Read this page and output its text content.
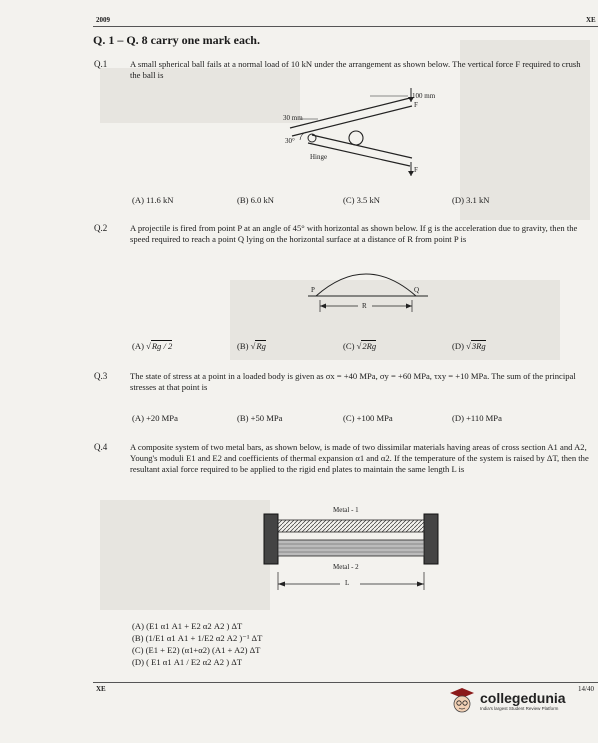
2009	XE
Q. 1 – Q. 8 carry one mark each.
Q.1	A small spherical ball fails at a normal load of 10 kN under the arrangement as shown below. The vertical force F required to crush the ball is
100 mm
F
30 mm
30°
Hinge
F
(A) 11.6 kN	(B) 6.0 kN	(C) 3.5 kN	(D) 3.1 kN
Q.2	A projectile is fired from point P at an angle of 45° with horizontal as shown below. If g is the acceleration due to gravity, then the speed required to reach a point Q lying on the horizontal surface at a distance of R from point P is
P	Q
R
(A) √Rg / 2	(B) √Rg	(C) √2Rg	(D) √3Rg
Q.3	The state of stress at a point in a loaded body is given as σx = +40 MPa, σy = +60 MPa, τxy = +10 MPa. The sum of the principal stresses at that point is
(A) +20 MPa	(B) +50 MPa	(C) +100 MPa	(D) +110 MPa
Q.4	A composite system of two metal bars, as shown below, is made of two dissimilar materials having areas of cross section A1 and A2, Young's moduli E1 and E2 and coefficients of thermal expansion α1 and α2. If the temperature of the system is raised by ΔT, then the resultant axial force required to be applied to the rigid end plates to maintain the same length L is
Metal - 1
Metal - 2
L
(A) (E1 α1 A1 + E2 α2 A2 ) ΔT
(B) (1/E1 α1 A1 + 1/E2 α2 A2 )⁻¹ ΔT
(C) (E1 + E2) (α1+α2) (A1 + A2) ΔT
(D) ( E1 α1 A1 / E2 α2 A2 ) ΔT
XE	14/40
collegedunia
India's largest Student Review Platform
